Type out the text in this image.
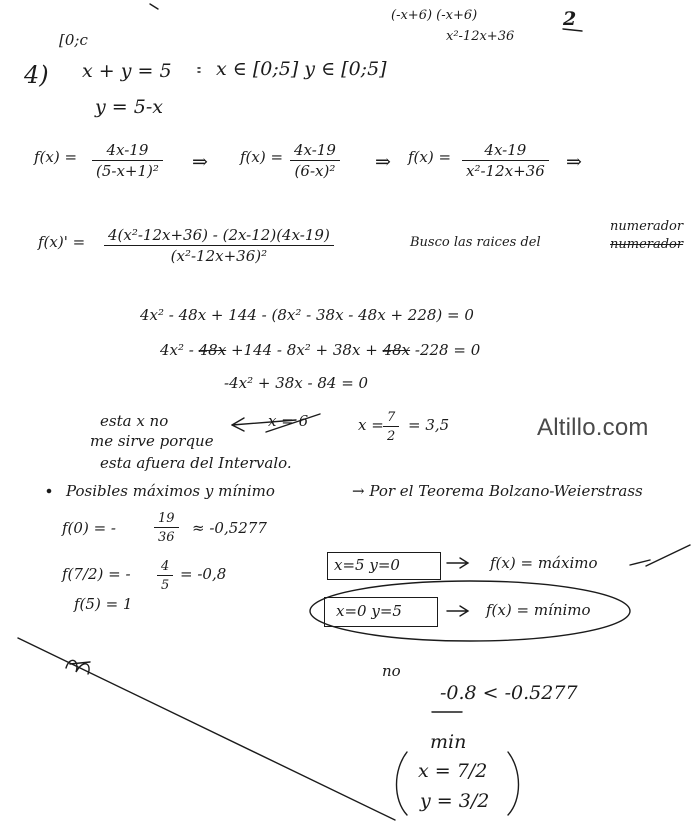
(-x+6) (-x+6)
x²-12x+36
2
[0;c
4) x + y = 5 x ∈ [0;5] y ∈ [0;5]
y = 5-x
$f(x) = \frac{4x-19}{\text{(5-x+1)²}}$ ⇒ $f(x) = \frac{4x-19}{\text{(6-x)²}}$ ⇒ $f(x) = \frac{4x-19}{\text{x²-12x+36}}$ ⇒
$f(x)' = \frac{\text{4(x²-12x+36) - (2x-12)(4x-19)}}{\text{(x²-12x+36)²}}$	Busco las raices del
numerador
numerador
4x² - 48x + 144 - (8x² - 38x - 48x + 228) = 0
4x² - 48x +144 - 8x² + 38x + 48x -228 = 0
-4x² + 38x - 84 = 0
esta x no
me sirve porque
esta afuera del Intervalo.
x = 6	$x = \frac{7}{2} = 3,5$	Altillo.com
Posibles máximos y mínimo	→ Por el Teorema Bolzano-Weierstrass
f(0) = -	$\frac{19}{36} \approx -0,5277$
f(7/2) = - $\frac{4}{5} = -0,8$
f(5) = 1
x=5 y=0	f(x) = máximo
x=0 y=5	f(x) = mínimo
no
-0.8 < -0.5277
min
x = 7/2
y = 3/2
